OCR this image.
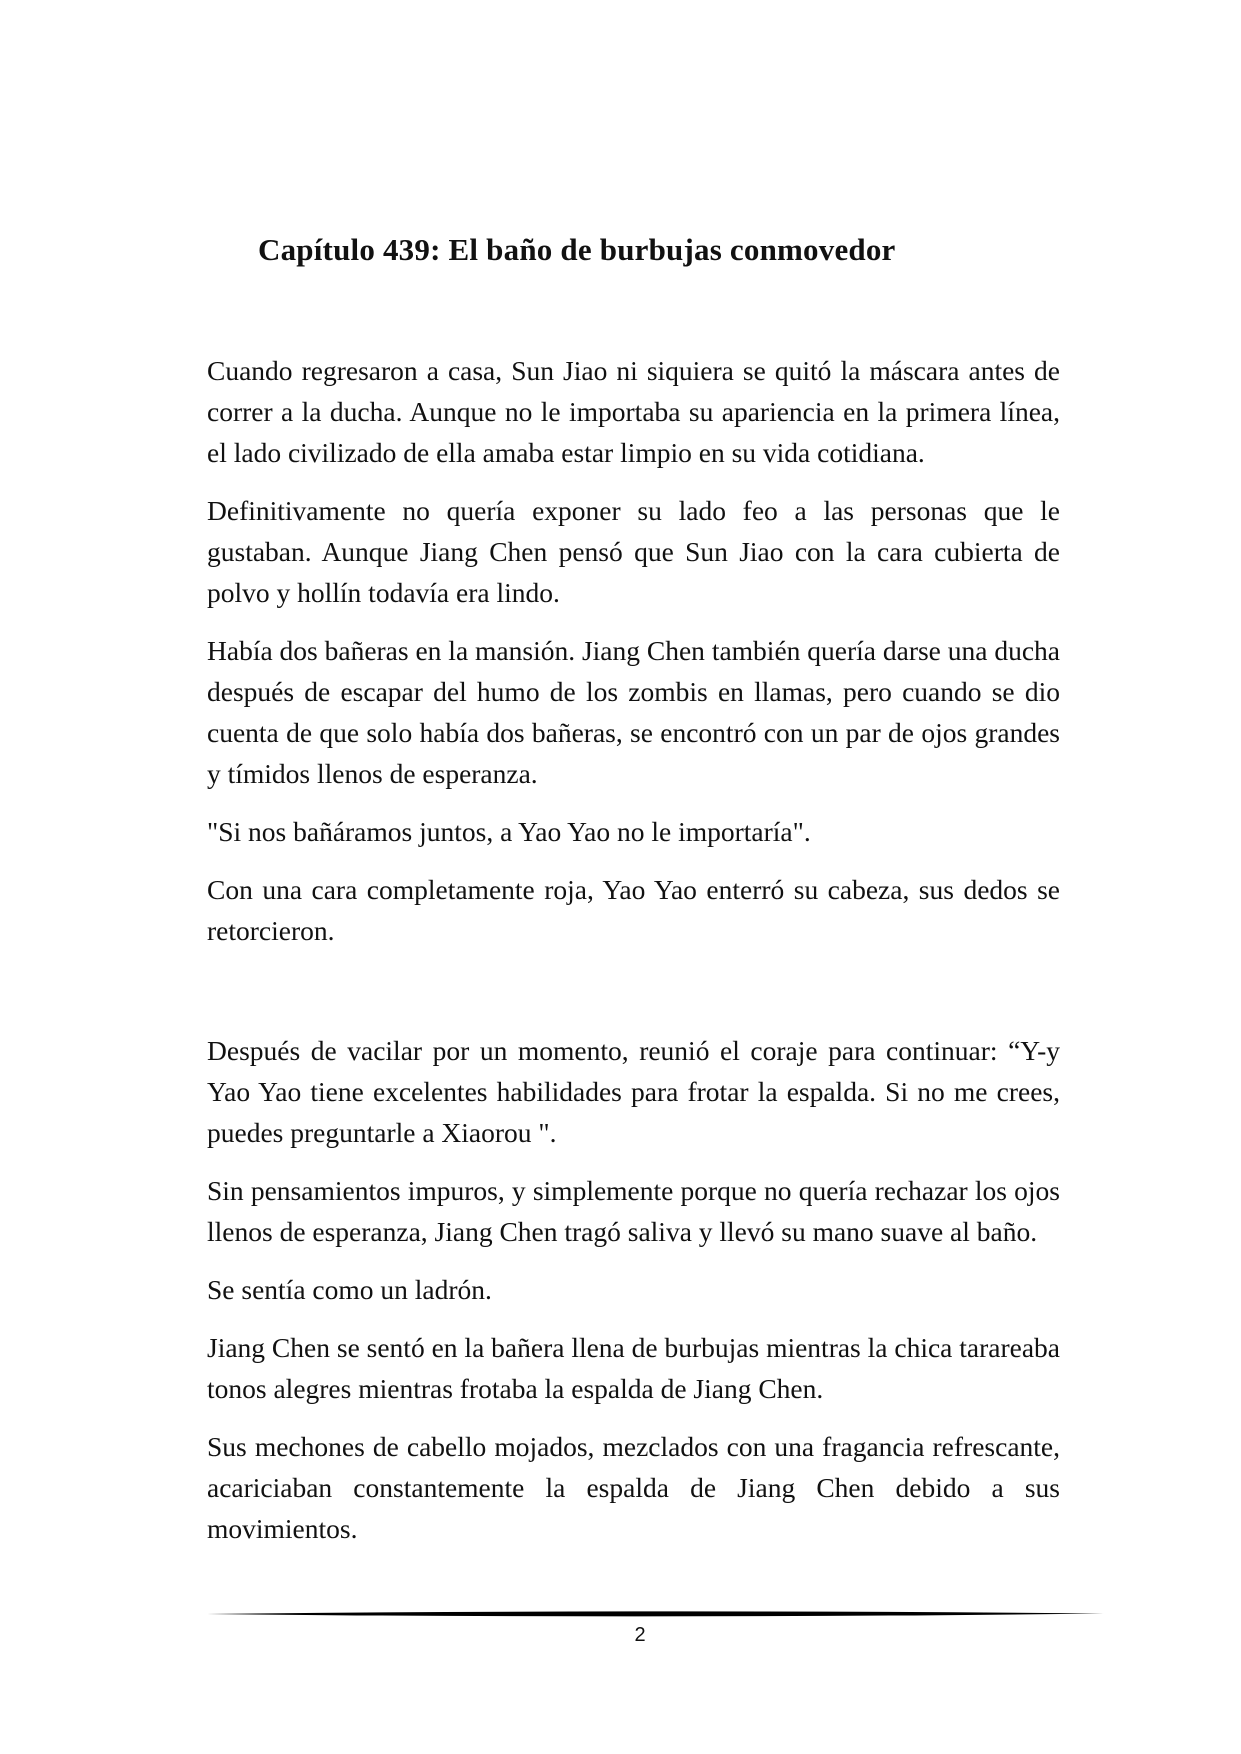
Capítulo 439: El baño de burbujas conmovedor

Cuando regresaron a casa, Sun Jiao ni siquiera se quitó la máscara antes de correr a la ducha. Aunque no le importaba su apariencia en la primera línea, el lado civilizado de ella amaba estar limpio en su vida cotidiana.

Definitivamente no quería exponer su lado feo a las personas que le gustaban. Aunque Jiang Chen pensó que Sun Jiao con la cara cubierta de polvo y hollín todavía era lindo.

Había dos bañeras en la mansión. Jiang Chen también quería darse una ducha después de escapar del humo de los zombis en llamas, pero cuando se dio cuenta de que solo había dos bañeras, se encontró con un par de ojos grandes y tímidos llenos de esperanza.

"Si nos bañáramos juntos, a Yao Yao no le importaría".

Con una cara completamente roja, Yao Yao enterró su cabeza, sus dedos se retorcieron.

Después de vacilar por un momento, reunió el coraje para continuar: “Y-y Yao Yao tiene excelentes habilidades para frotar la espalda. Si no me crees, puedes preguntarle a Xiaorou ".

Sin pensamientos impuros, y simplemente porque no quería rechazar los ojos llenos de esperanza, Jiang Chen tragó saliva y llevó su mano suave al baño.

Se sentía como un ladrón.

Jiang Chen se sentó en la bañera llena de burbujas mientras la chica tarareaba tonos alegres mientras frotaba la espalda de Jiang Chen.

Sus mechones de cabello mojados, mezclados con una fragancia refrescante, acariciaban constantemente la espalda de Jiang Chen debido a sus movimientos.

2
